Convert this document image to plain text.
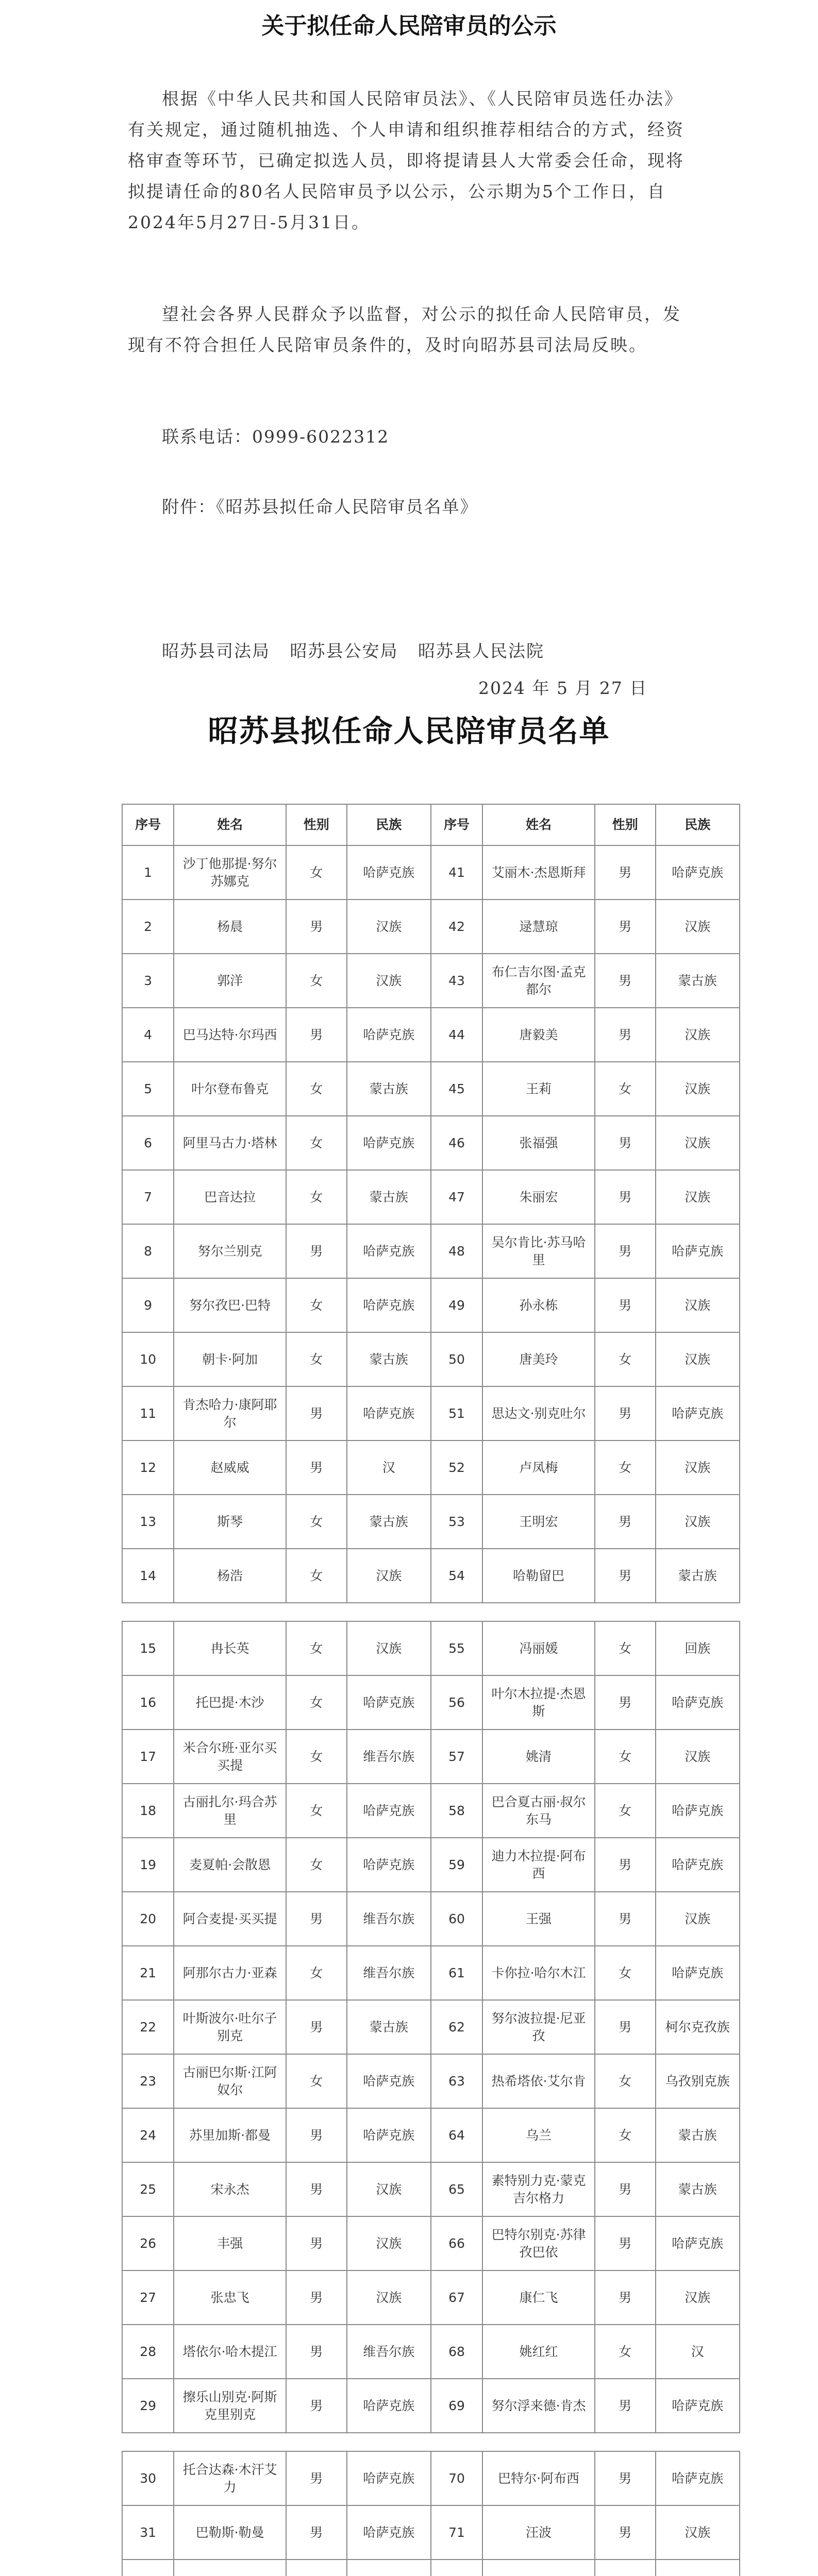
关于拟任命人民陪审员的公示
根据《中华人民共和国人民陪审员法》、《人民陪审员选任办法》有关规定，通过随机抽选、个人申请和组织推荐相结合的方式，经资格审查等环节，已确定拟选人员，即将提请县人大常委会任命，现将拟提请任命的80名人民陪审员予以公示，公示期为5个工作日，自2024年5月27日-5月31日。
望社会各界人民群众予以监督，对公示的拟任命人民陪审员，发现有不符合担任人民陪审员条件的，及时向昭苏县司法局反映。
联系电话：0999-6022312
附件：《昭苏县拟任命人民陪审员名单》
昭苏县司法局 昭苏县公安局 昭苏县人民法院
2024 年 5 月 27 日
昭苏县拟任命人民陪审员名单
序号	姓名	性别	民族	序号	姓名	性别	民族
1	沙丁他那提·努尔苏娜克	女	哈萨克族	41	艾丽木·杰恩斯拜	男	哈萨克族
2	杨晨	男	汉族	42	逯慧琼	男	汉族
3	郭洋	女	汉族	43	布仁吉尔图·孟克都尔	男	蒙古族
4	巴马达特·尔玛西	男	哈萨克族	44	唐毅美	男	汉族
5	叶尔登布鲁克	女	蒙古族	45	王莉	女	汉族
6	阿里马古力·塔林	女	哈萨克族	46	张福强	男	汉族
7	巴音达拉	女	蒙古族	47	朱丽宏	男	汉族
8	努尔兰别克	男	哈萨克族	48	吴尔肯比·苏马哈里	男	哈萨克族
9	努尔孜巴·巴特	女	哈萨克族	49	孙永栋	男	汉族
10	朝卡·阿加	女	蒙古族	50	唐美玲	女	汉族
11	肯杰哈力·康阿耶尔	男	哈萨克族	51	思达文·别克吐尔	男	哈萨克族
12	赵威威	男	汉	52	卢凤梅	女	汉族
13	斯琴	女	蒙古族	53	王明宏	男	汉族
14	杨浩	女	汉族	54	哈勒留巴	男	蒙古族

15	冉长英	女	汉族	55	冯丽媛	女	回族
16	托巴提·木沙	女	哈萨克族	56	叶尔木拉提·杰恩斯	男	哈萨克族
17	米合尔班·亚尔买买提	女	维吾尔族	57	姚清	女	汉族
18	古丽扎尔·玛合苏里	女	哈萨克族	58	巴合夏古丽·叔尔东马	女	哈萨克族
19	麦夏帕·会散恩	女	哈萨克族	59	迪力木拉提·阿布西	男	哈萨克族
20	阿合麦提·买买提	男	维吾尔族	60	王强	男	汉族
21	阿那尔古力·亚森	女	维吾尔族	61	卡你拉·哈尔木江	女	哈萨克族
22	叶斯波尔·吐尔子别克	男	蒙古族	62	努尔波拉提·尼亚孜	男	柯尔克孜族
23	古丽巴尔斯·江阿奴尔	女	哈萨克族	63	热希塔依·艾尔肯	女	乌孜别克族
24	苏里加斯·都曼	男	哈萨克族	64	乌兰	女	蒙古族
25	宋永杰	男	汉族	65	素特别力克·蒙克吉尔格力	男	蒙古族
26	丰强	男	汉族	66	巴特尔别克·苏律孜巴依	男	哈萨克族
27	张忠飞	男	汉族	67	康仁飞	男	汉族
28	塔依尔·哈木提江	男	维吾尔族	68	姚红红	女	汉
29	擦乐山别克·阿斯克里别克	男	哈萨克族	69	努尔浮来德·肯杰	男	哈萨克族

30	托合达森·木汗艾力	男	哈萨克族	70	巴特尔·阿布西	男	哈萨克族
31	巴勒斯·勒曼	男	哈萨克族	71	汪波	男	汉族
